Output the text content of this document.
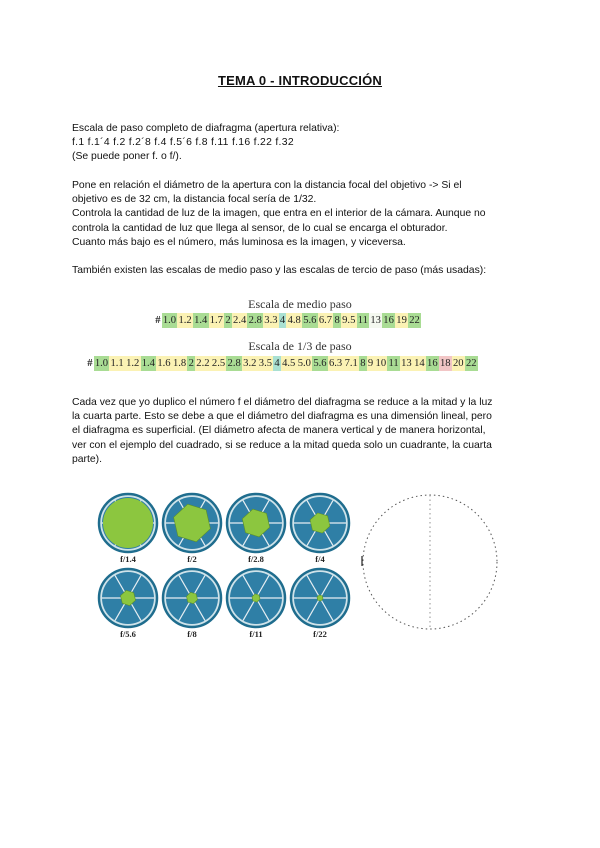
TEMA 0 - INTRODUCCIÓN
Escala de paso completo de diafragma (apertura relativa):
f.1 f.1´4 f.2 f.2´8 f.4 f.5´6 f.8 f.11 f.16 f.22 f.32
(Se puede poner f. o f/).
Pone en relación el diámetro de la apertura con la distancia focal del objetivo -> Si el
objetivo es de 32 cm, la distancia focal sería de 1/32.
Controla la cantidad de luz de la imagen, que entra en el interior de la cámara. Aunque no
controla la cantidad de luz que llega al sensor, de lo cual se encarga el obturador.
Cuanto más bajo es el número, más luminosa es la imagen, y viceversa.
También existen las escalas de medio paso y las escalas de tercio de paso (más usadas):
Escala de medio paso
# 1.0 1.2 1.4 1.7 2 2.4 2.8 3.3 4 4.8 5.6 6.7 8 9.5 11 13 16 19 22
Escala de 1/3 de paso
# 1.0 1.1 1.2 1.4 1.6 1.8 2 2.2 2.5 2.8 3.2 3.5 4 4.5 5.0 5.6 6.3 7.1 8 9 10 11 13 14 16 18 20 22
Cada vez que yo duplico el número f el diámetro del diafragma se reduce a la mitad y la luz
la cuarta parte. Esto se debe a que el diámetro del diafragma es una dimensión lineal, pero
el diafragma es superficial. (El diámetro afecta de manera vertical y de manera horizontal,
ver con el ejemplo del cuadrado, si se reduce a la mitad queda solo un cuadrante, la cuarta
parte).
f/1.4	f/2	f/2.8	f/4
f/5.6	f/8	f/11	f/22
